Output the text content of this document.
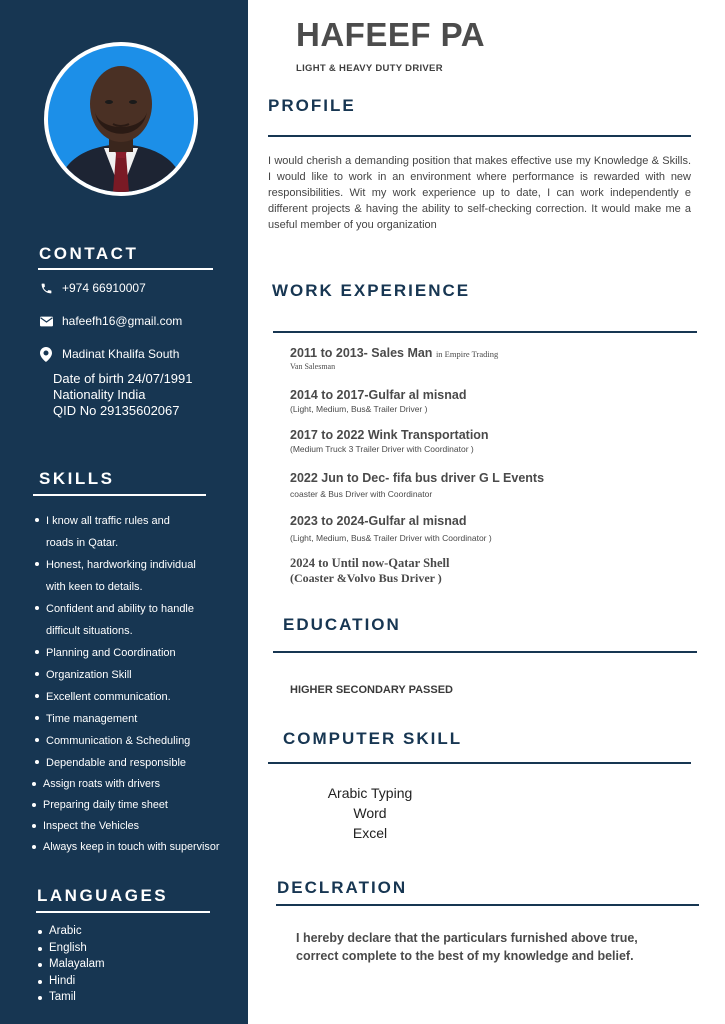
CONTACT
+974 66910007
hafeefh16@gmail.com
Madinat Khalifa South
Date of birth 24/07/1991
Nationality India
QID No 29135602067
SKILLS
I know all traffic rules and
roads in Qatar.
Honest, hardworking individual
with keen to details.
Confident and ability to handle
difficult situations.
Planning and Coordination
Organization Skill
Excellent communication.
Time management
Communication & Scheduling
Dependable and responsible
Assign roats with drivers
Preparing daily time sheet
Inspect the Vehicles
Always keep in touch with supervisor
LANGUAGES
Arabic
English
Malayalam
Hindi
Tamil
HAFEEF PA
LIGHT & HEAVY DUTY DRIVER
PROFILE
I would cherish a demanding position that makes effective use my Knowledge & Skills. I would like to work in an environment where performance is rewarded with new responsibilities. Wit my work experience up to date, I can work independently e different projects & having the ability to self-checking correction. It would make me a useful member of you organization
WORK EXPERIENCE
2011 to 2013- Sales Man in Empire Trading
Van Salesman
2014 to 2017-Gulfar al misnad
(Light, Medium, Bus& Trailer Driver )
2017 to 2022 Wink Transportation
(Medium Truck 3 Trailer Driver with Coordinator )
2022 Jun to Dec- fifa bus driver G L Events
coaster & Bus Driver with Coordinator
2023 to 2024-Gulfar al misnad
(Light, Medium, Bus& Trailer Driver with Coordinator )
2024 to Until now-Qatar Shell
(Coaster &Volvo Bus Driver )
EDUCATION
HIGHER SECONDARY PASSED
COMPUTER SKILL
Arabic Typing
Word
Excel
DECLRATION
I hereby declare that the particulars furnished above true, correct complete to the best of my knowledge and belief.
